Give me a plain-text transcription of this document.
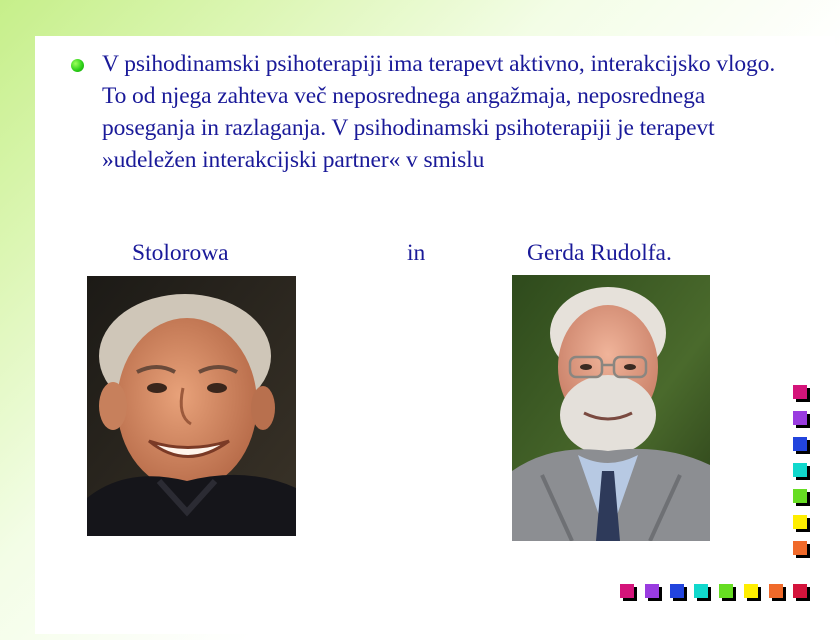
V psihodinamski psihoterapiji ima terapevt aktivno, interakcijsko vlogo. To od njega zahteva več neposrednega angažmaja, neposrednega poseganja in razlaganja. V psihodinamski psihoterapiji je terapevt »udeležen interakcijski partner« v smislu
Stolorowa	in	Gerda Rudolfa.
